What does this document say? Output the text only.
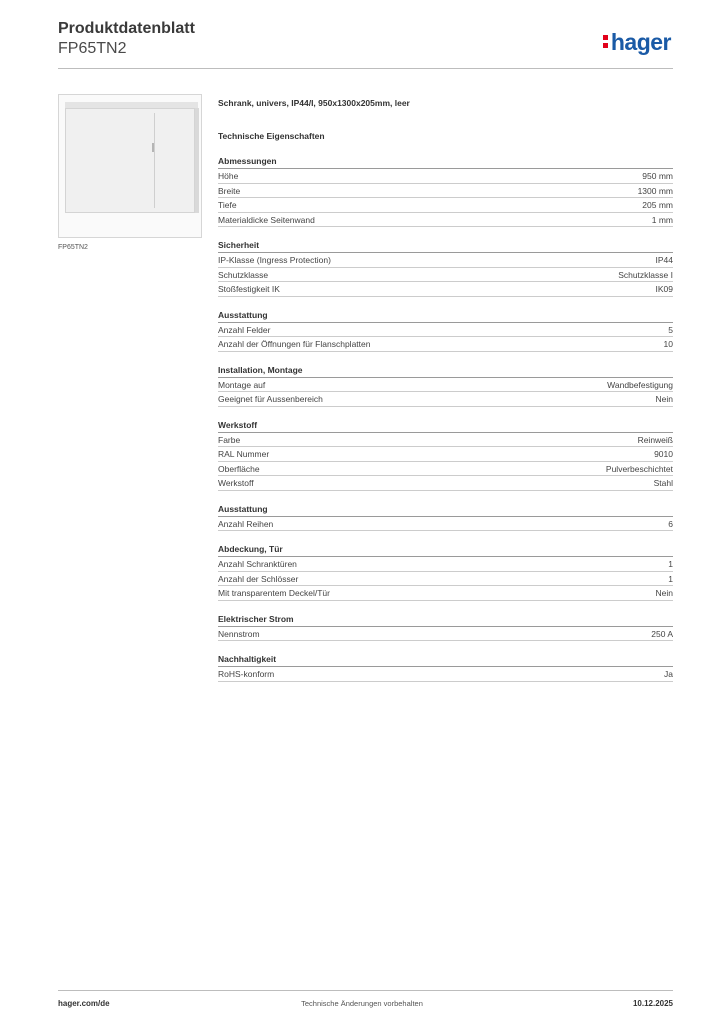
Produktdatenblatt
FP65TN2	hager
FP65TN2
Schrank, univers, IP44/I, 950x1300x205mm, leer
Technische Eigenschaften
Abmessungen
Höhe	950 mm
Breite	1300 mm
Tiefe	205 mm
Materialdicke Seitenwand	1 mm
Sicherheit
IP-Klasse (Ingress Protection)	IP44
Schutzklasse	Schutzklasse I
Stoßfestigkeit IK	IK09
Ausstattung
Anzahl Felder	5
Anzahl der Öffnungen für Flanschplatten	10
Installation, Montage
Montage auf	Wandbefestigung
Geeignet für Aussenbereich	Nein
Werkstoff
Farbe	Reinweiß
RAL Nummer	9010
Oberfläche	Pulverbeschichtet
Werkstoff	Stahl
Ausstattung
Anzahl Reihen	6
Abdeckung, Tür
Anzahl Schranktüren	1
Anzahl der Schlösser	1
Mit transparentem Deckel/Tür	Nein
Elektrischer Strom
Nennstrom	250 A
Nachhaltigkeit
RoHS-konform	Ja
hager.com/de	Technische Änderungen vorbehalten	10.12.2025
